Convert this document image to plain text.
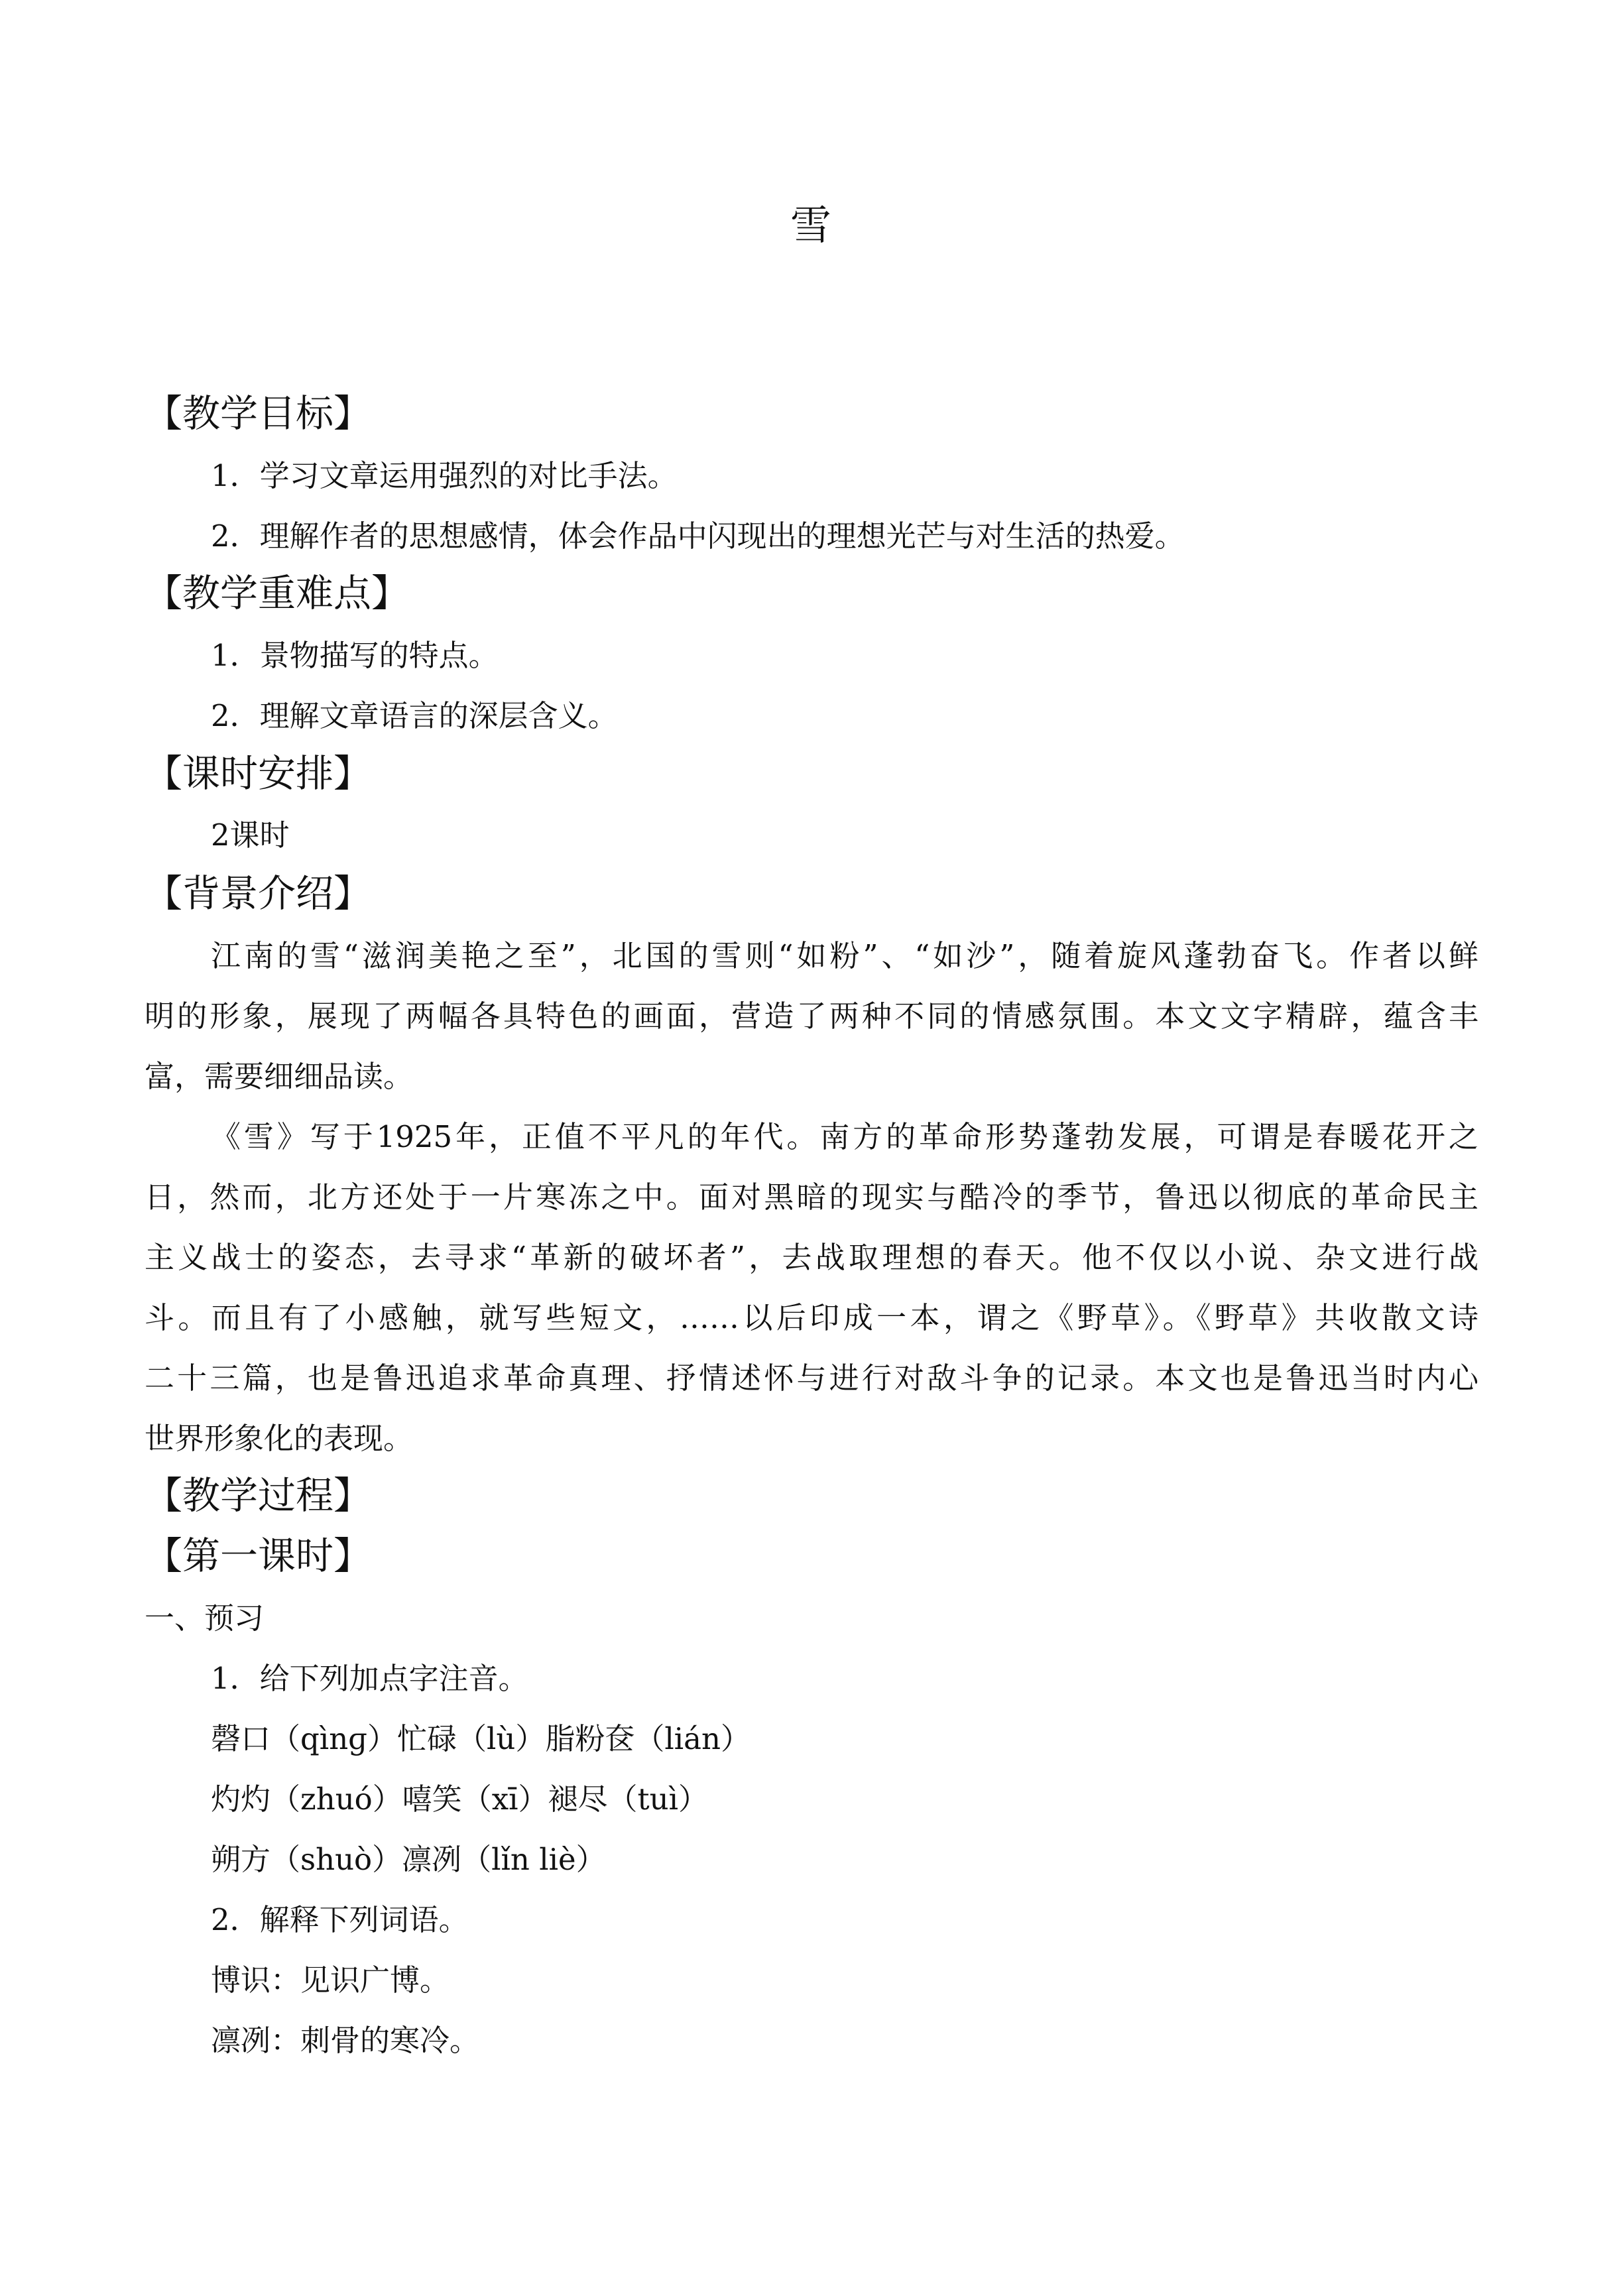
雪
【教学目标】
1．学习文章运用强烈的对比手法。
2．理解作者的思想感情，体会作品中闪现出的理想光芒与对生活的热爱。
【教学重难点】
1．景物描写的特点。
2．理解文章语言的深层含义。
【课时安排】
2课时
【背景介绍】
江南的雪“滋润美艳之至”，北国的雪则“如粉”、“如沙”，随着旋风蓬勃奋飞。作者以鲜
明的形象，展现了两幅各具特色的画面，营造了两种不同的情感氛围。本文文字精辟，蕴含丰
富，需要细细品读。
《雪》写于1925年，正值不平凡的年代。南方的革命形势蓬勃发展，可谓是春暖花开之
日，然而，北方还处于一片寒冻之中。面对黑暗的现实与酷冷的季节，鲁迅以彻底的革命民主
主义战士的姿态，去寻求“革新的破坏者”，去战取理想的春天。他不仅以小说、杂文进行战
斗。而且有了小感触，就写些短文，……以后印成一本，谓之《野草》。《野草》共收散文诗
二十三篇，也是鲁迅追求革命真理、抒情述怀与进行对敌斗争的记录。本文也是鲁迅当时内心
世界形象化的表现。
【教学过程】
【第一课时】
一、预习
1．给下列加点字注音。
磬口（qìnɡ）忙碌（lù）脂粉奁（lián）
灼灼（zhuó）嘻笑（xī）褪尽（tuì）
朔方（shuò）凛冽（lǐn liè）
2．解释下列词语。
博识：见识广博。
凛冽：刺骨的寒冷。
